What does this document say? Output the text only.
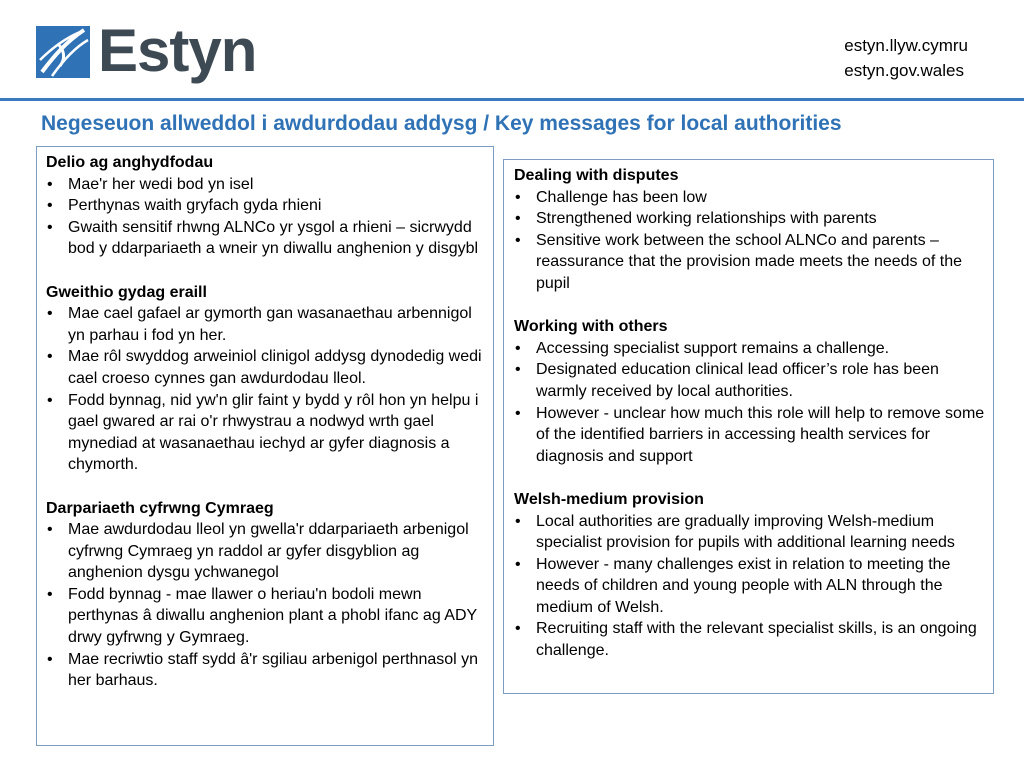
Estyn	estyn.llyw.cymru
estyn.gov.wales
Negeseuon allweddol i awdurdodau addysg / Key messages for local authorities
Delio ag anghydfodau
• Mae'r her wedi bod yn isel
• Perthynas waith gryfach gyda rhieni
• Gwaith sensitif rhwng ALNCo yr ysgol a rhieni – sicrwydd bod y ddarpariaeth a wneir yn diwallu anghenion y disgybl
Gweithio gydag eraill
• Mae cael gafael ar gymorth gan wasanaethau arbennigol yn parhau i fod yn her.
• Mae rôl swyddog arweiniol clinigol addysg dynodedig wedi cael croeso cynnes gan awdurdodau lleol.
• Fodd bynnag, nid yw'n glir faint y bydd y rôl hon yn helpu i gael gwared ar rai o'r rhwystrau a nodwyd wrth gael mynediad at wasanaethau iechyd ar gyfer diagnosis a chymorth.
Darpariaeth cyfrwng Cymraeg
• Mae awdurdodau lleol yn gwella'r ddarpariaeth arbenigol cyfrwng Cymraeg yn raddol ar gyfer disgyblion ag anghenion dysgu ychwanegol
• Fodd bynnag - mae llawer o heriau'n bodoli mewn perthynas â diwallu anghenion plant a phobl ifanc ag ADY drwy gyfrwng y Gymraeg.
• Mae recriwtio staff sydd â'r sgiliau arbenigol perthnasol yn her barhaus.
Dealing with disputes
• Challenge has been low
• Strengthened working relationships with parents
• Sensitive work between the school ALNCo and parents – reassurance that the provision made meets the needs of the pupil
Working with others
• Accessing specialist support remains a challenge.
• Designated education clinical lead officer’s role has been warmly received by local authorities.
• However - unclear how much this role will help to remove some of the identified barriers in accessing health services for diagnosis and support
Welsh-medium provision
• Local authorities are gradually improving Welsh-medium specialist provision for pupils with additional learning needs
• However - many challenges exist in relation to meeting the needs of children and young people with ALN through the medium of Welsh.
• Recruiting staff with the relevant specialist skills, is an ongoing challenge.
